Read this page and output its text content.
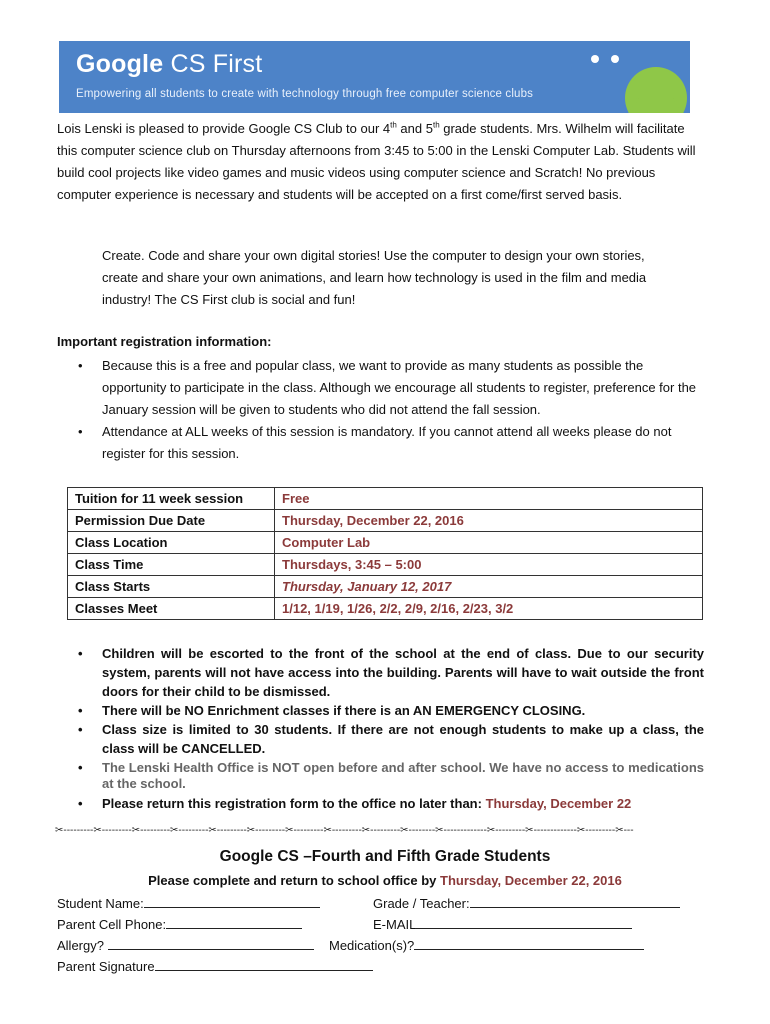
Google CS First
Empowering all students to create with technology through free computer science clubs
Lois Lenski is pleased to provide Google CS Club to our 4th and 5th grade students. Mrs. Wilhelm will facilitate this computer science club on Thursday afternoons from 3:45 to 5:00 in the Lenski Computer Lab. Students will build cool projects like video games and music videos using computer science and Scratch! No previous computer experience is necessary and students will be accepted on a first come/first served basis.
Create. Code and share your own digital stories! Use the computer to design your own stories, create and share your own animations, and learn how technology is used in the film and media industry! The CS First club is social and fun!
Important registration information:
• Because this is a free and popular class, we want to provide as many students as possible the opportunity to participate in the class. Although we encourage all students to register, preference for the January session will be given to students who did not attend the fall session.
• Attendance at ALL weeks of this session is mandatory. If you cannot attend all weeks please do not register for this session.
Tuition for 11 week session	Free
Permission Due Date	Thursday, December 22, 2016
Class Location	Computer Lab
Class Time	Thursdays, 3:45 – 5:00
Class Starts	Thursday, January 12, 2017
Classes Meet	1/12, 1/19, 1/26, 2/2, 2/9, 2/16, 2/23, 3/2
• Children will be escorted to the front of the school at the end of class. Due to our security system, parents will not have access into the building. Parents will have to wait outside the front doors for their child to be dismissed.
• There will be NO Enrichment classes if there is an AN EMERGENCY CLOSING.
• Class size is limited to 30 students. If there are not enough students to make up a class, the class will be CANCELLED.
• The Lenski Health Office is NOT open before and after school. We have no access to medications at the school.
• Please return this registration form to the office no later than: Thursday, December 22
✂---------✂---------✂---------✂---------✂---------✂---------✂---------✂---------✂---------✂--------✂-------------✂---------✂-------------✂---------✂---
Google CS –Fourth and Fifth Grade Students
Please complete and return to school office by Thursday, December 22, 2016
Student Name:	Grade / Teacher:
Parent Cell Phone:	E-MAIL
Allergy?	Medication(s)?
Parent Signature
